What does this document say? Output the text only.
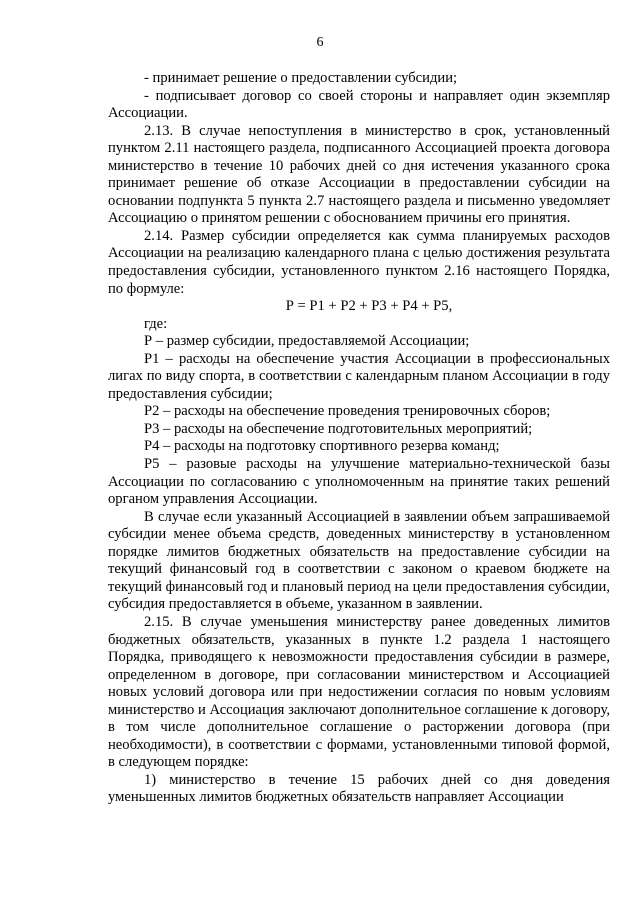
6

- принимает решение о предоставлении субсидии;

- подписывает договор со своей стороны и направляет один экземпляр Ассоциации.

2.13. В случае непоступления в министерство в срок, установленный пунктом 2.11 настоящего раздела, подписанного Ассоциацией проекта договора министерство в течение 10 рабочих дней со дня истечения указанного срока принимает решение об отказе Ассоциации в предоставлении субсидии на основании подпункта 5 пункта 2.7 настоящего раздела и письменно уведомляет Ассоциацию о принятом решении с обоснованием причины его принятия.

2.14. Размер субсидии определяется как сумма планируемых расходов Ассоциации на реализацию календарного плана с целью достижения результата предоставления субсидии, установленного пунктом 2.16 настоящего Порядка, по формуле:

Р = Р1 + Р2 + Р3 + Р4 + Р5,

где:

Р – размер субсидии, предоставляемой Ассоциации;

Р1 – расходы на обеспечение участия Ассоциации в профессиональных лигах по виду спорта, в соответствии с календарным планом Ассоциации в году предоставления субсидии;

Р2 – расходы на обеспечение проведения тренировочных сборов;

Р3 – расходы на обеспечение подготовительных мероприятий;

Р4 – расходы на подготовку спортивного резерва команд;

Р5 – разовые расходы на улучшение материально-технической базы Ассоциации по согласованию с уполномоченным на принятие таких решений органом управления Ассоциации.

В случае если указанный Ассоциацией в заявлении объем запрашиваемой субсидии менее объема средств, доведенных министерству в установленном порядке лимитов бюджетных обязательств на предоставление субсидии на текущий финансовый год в соответствии с законом о краевом бюджете на текущий финансовый год и плановый период на цели предоставления субсидии, субсидия предоставляется в объеме, указанном в заявлении.

2.15. В случае уменьшения министерству ранее доведенных лимитов бюджетных обязательств, указанных в пункте 1.2 раздела 1 настоящего Порядка, приводящего к невозможности предоставления субсидии в размере, определенном в договоре, при согласовании министерством и Ассоциацией новых условий договора или при недостижении согласия по новым условиям министерство и Ассоциация заключают дополнительное соглашение к договору, в том числе дополнительное соглашение о расторжении договора (при необходимости), в соответствии с формами, установленными типовой формой, в следующем порядке:

1) министерство в течение 15 рабочих дней со дня доведения уменьшенных лимитов бюджетных обязательств направляет Ассоциации
